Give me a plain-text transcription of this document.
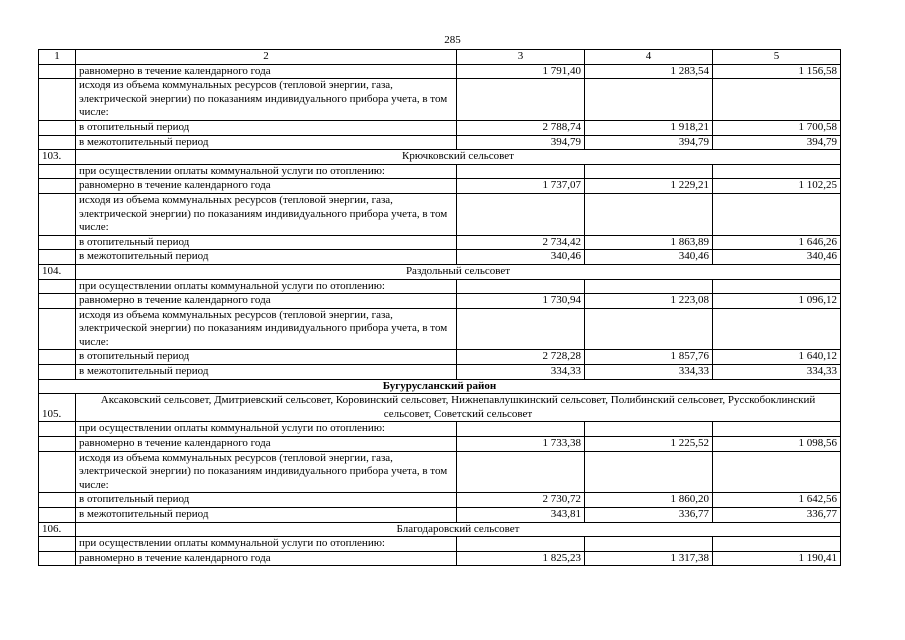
285
1	2	3	4	5
	равномерно в течение календарного года	1 791,40	1 283,54	1 156,58
	исходя из объема коммунальных ресурсов (тепловой энергии, газа, электрической энергии) по показаниям индивидуального прибора учета, в том числе:			
	в отопительный период	2 788,74	1 918,21	1 700,58
	в межотопительный период	394,79	394,79	394,79
103.	Крючковский сельсовет			
	при осуществлении оплаты коммунальной услуги по отоплению:			
	равномерно в течение календарного года	1 737,07	1 229,21	1 102,25
	исходя из объема коммунальных ресурсов (тепловой энергии, газа, электрической энергии) по показаниям индивидуального прибора учета, в том числе:			
	в отопительный период	2 734,42	1 863,89	1 646,26
	в межотопительный период	340,46	340,46	340,46
104.	Раздольный сельсовет			
	при осуществлении оплаты коммунальной услуги по отоплению:			
	равномерно в течение календарного года	1 730,94	1 223,08	1 096,12
	исходя из объема коммунальных ресурсов (тепловой энергии, газа, электрической энергии) по показаниям индивидуального прибора учета, в том числе:			
	в отопительный период	2 728,28	1 857,76	1 640,12
	в межотопительный период	334,33	334,33	334,33
Бугурусланский район				
105.	Аксаковский сельсовет, Дмитриевский сельсовет, Коровинский сельсовет, Нижнепавлушкинский сельсовет, Полибинский сельсовет, Русскобоклинский сельсовет, Советский сельсовет			
	при осуществлении оплаты коммунальной услуги по отоплению:			
	равномерно в течение календарного года	1 733,38	1 225,52	1 098,56
	исходя из объема коммунальных ресурсов (тепловой энергии, газа, электрической энергии) по показаниям индивидуального прибора учета, в том числе:			
	в отопительный период	2 730,72	1 860,20	1 642,56
	в межотопительный период	343,81	336,77	336,77
106.	Благодаровский сельсовет			
	при осуществлении оплаты коммунальной услуги по отоплению:			
	равномерно в течение календарного года	1 825,23	1 317,38	1 190,41
